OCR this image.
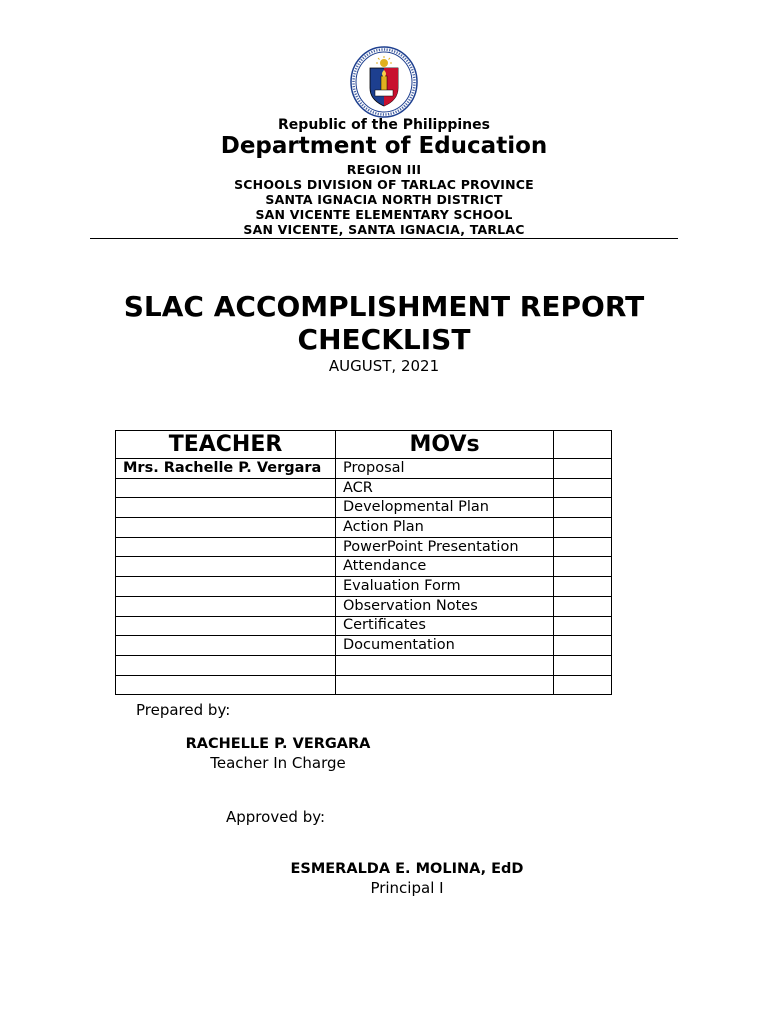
Republic of the Philippines
Department of Education
REGION III
SCHOOLS DIVISION OF TARLAC PROVINCE
SANTA IGNACIA NORTH DISTRICT
SAN VICENTE ELEMENTARY SCHOOL
SAN VICENTE, SANTA IGNACIA, TARLAC
SLAC ACCOMPLISHMENT REPORT
CHECKLIST
AUGUST, 2021
TEACHER	MOVs	
Mrs. Rachelle P. Vergara	Proposal	
	ACR	
	Developmental Plan	
	Action Plan	
	PowerPoint Presentation	
	Attendance	
	Evaluation Form	
	Observation Notes	
	Certificates	
	Documentation	

Prepared by:
RACHELLE P. VERGARA
Teacher In Charge
Approved by:
ESMERALDA E. MOLINA, EdD
Principal I
